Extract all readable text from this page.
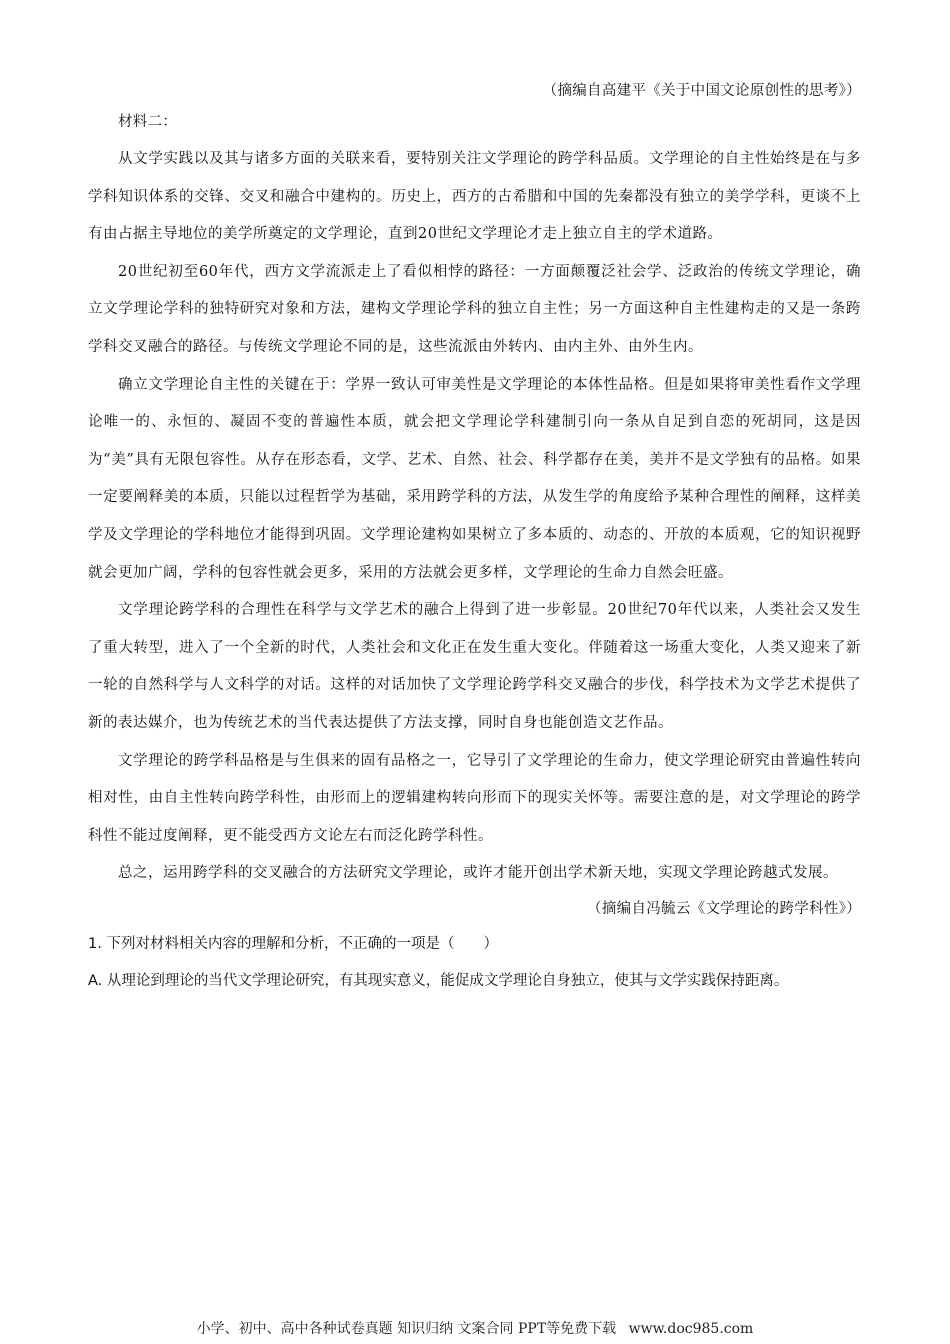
（摘编自高建平《关于中国文论原创性的思考》）

材料二：

从文学实践以及其与诸多方面的关联来看，要特别关注文学理论的跨学科品质。文学理论的自主性始终是在与多学科知识体系的交锋、交叉和融合中建构的。历史上，西方的古希腊和中国的先秦都没有独立的美学学科，更谈不上有由占据主导地位的美学所奠定的文学理论，直到20世纪文学理论才走上独立自主的学术道路。

20世纪初至60年代，西方文学流派走上了看似相悖的路径：一方面颠覆泛社会学、泛政治的传统文学理论，确立文学理论学科的独特研究对象和方法，建构文学理论学科的独立自主性；另一方面这种自主性建构走的又是一条跨学科交叉融合的路径。与传统文学理论不同的是，这些流派由外转内、由内主外、由外生内。

确立文学理论自主性的关键在于：学界一致认可审美性是文学理论的本体性品格。但是如果将审美性看作文学理论唯一的、永恒的、凝固不变的普遍性本质，就会把文学理论学科建制引向一条从自足到自恋的死胡同，这是因为“美”具有无限包容性。从存在形态看，文学、艺术、自然、社会、科学都存在美，美并不是文学独有的品格。如果一定要阐释美的本质，只能以过程哲学为基础，采用跨学科的方法，从发生学的角度给予某种合理性的阐释，这样美学及文学理论的学科地位才能得到巩固。文学理论建构如果树立了多本质的、动态的、开放的本质观，它的知识视野就会更加广阔，学科的包容性就会更多，采用的方法就会更多样，文学理论的生命力自然会旺盛。

文学理论跨学科的合理性在科学与文学艺术的融合上得到了进一步彰显。20世纪70年代以来，人类社会又发生了重大转型，进入了一个全新的时代，人类社会和文化正在发生重大变化。伴随着这一场重大变化，人类又迎来了新一轮的自然科学与人文科学的对话。这样的对话加快了文学理论跨学科交叉融合的步伐，科学技术为文学艺术提供了新的表达媒介，也为传统艺术的当代表达提供了方法支撑，同时自身也能创造文艺作品。

文学理论的跨学科品格是与生俱来的固有品格之一，它导引了文学理论的生命力，使文学理论研究由普遍性转向相对性，由自主性转向跨学科性，由形而上的逻辑建构转向形而下的现实关怀等。需要注意的是，对文学理论的跨学科性不能过度阐释，更不能受西方文论左右而泛化跨学科性。

总之，运用跨学科的交叉融合的方法研究文学理论，或许才能开创出学术新天地，实现文学理论跨越式发展。

（摘编自冯毓云《文学理论的跨学科性》）

1. 下列对材料相关内容的理解和分析，不正确的一项是（　　）

A. 从理论到理论的当代文学理论研究，有其现实意义，能促成文学理论自身独立，使其与文学实践保持距离。

小学、初中、高中各种试卷真题 知识归纳 文案合同 PPT等免费下载 www.doc985.com
